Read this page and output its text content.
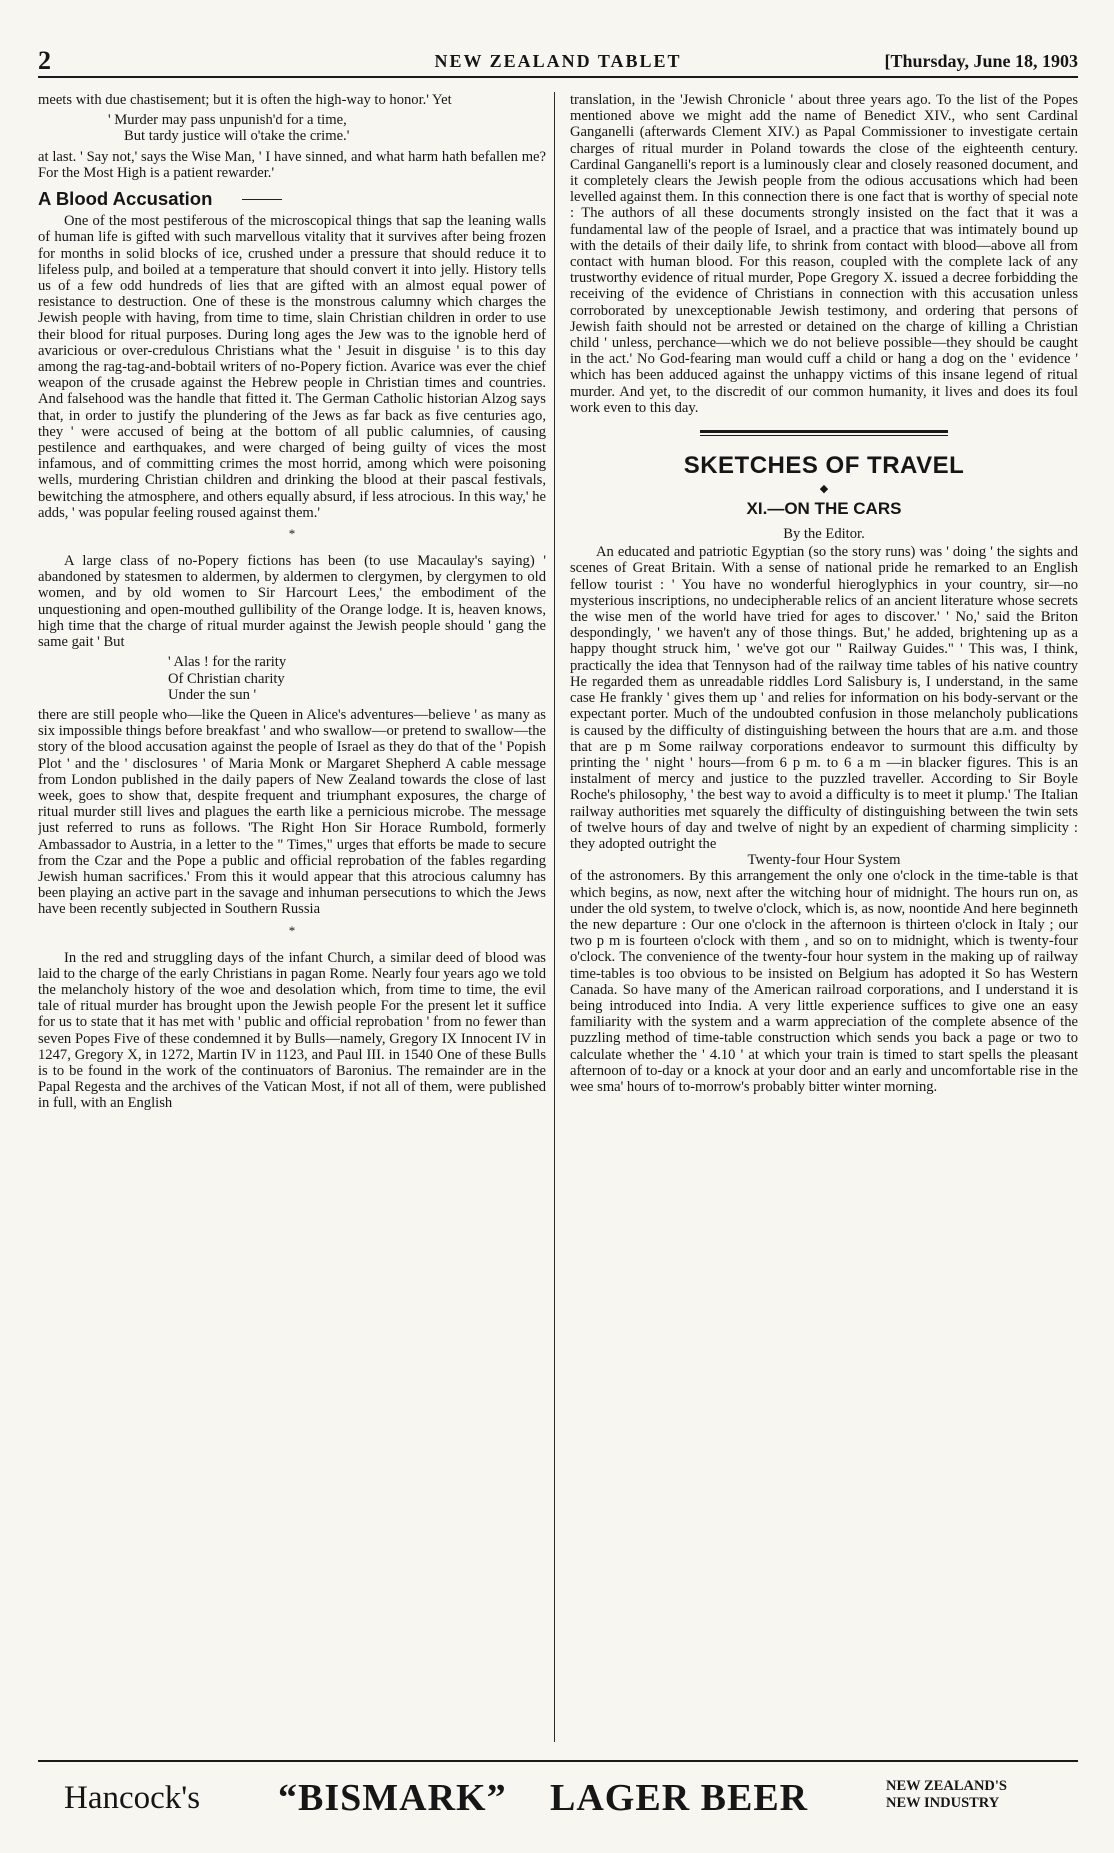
2	NEW ZEALAND TABLET	[Thursday, June 18, 1903

meets with due chastisement; but it is often the high-way to honor.' Yet

' Murder may pass unpunish'd for a time,
But tardy justice will o'take the crime.'

at last. ' Say not,' says the Wise Man, ' I have sinned, and what harm hath befallen me? For the Most High is a patient rewarder.'

A Blood Accusation

One of the most pestiferous of the microscopical things that sap the leaning walls of human life is gifted with such marvellous vitality that it survives after being frozen for months in solid blocks of ice, crushed under a pressure that should reduce it to lifeless pulp, and boiled at a temperature that should convert it into jelly. History tells us of a few odd hundreds of lies that are gifted with an almost equal power of resistance to destruction. One of these is the monstrous calumny which charges the Jewish people with having, from time to time, slain Christian children in order to use their blood for ritual purposes. During long ages the Jew was to the ignoble herd of avaricious or over-credulous Christians what the ' Jesuit in disguise ' is to this day among the rag-tag-and-bobtail writers of no-Popery fiction. Avarice was ever the chief weapon of the crusade against the Hebrew people in Christian times and countries. And falsehood was the handle that fitted it. The German Catholic historian Alzog says that, in order to justify the plundering of the Jews as far back as five centuries ago, they ' were accused of being at the bottom of all public calumnies, of causing pestilence and earthquakes, and were charged of being guilty of vices the most infamous, and of committing crimes the most horrid, among which were poisoning wells, murdering Christian children and drinking the blood at their pascal festivals, bewitching the atmosphere, and others equally absurd, if less atrocious. In this way,' he adds, ' was popular feeling roused against them.'

*

A large class of no-Popery fictions has been (to use Macaulay's saying) ' abandoned by statesmen to aldermen, by aldermen to clergymen, by clergymen to old women, and by old women to Sir Harcourt Lees,' the embodiment of the unquestioning and open-mouthed gullibility of the Orange lodge. It is, heaven knows, high time that the charge of ritual murder against the Jewish people should ' gang the same gait ' But

' Alas ! for the rarity
Of Christian charity
Under the sun '

there are still people who—like the Queen in Alice's adventures—believe ' as many as six impossible things before breakfast ' and who swallow—or pretend to swallow—the story of the blood accusation against the people of Israel as they do that of the ' Popish Plot ' and the ' disclosures ' of Maria Monk or Margaret Shepherd A cable message from London published in the daily papers of New Zealand towards the close of last week, goes to show that, despite frequent and triumphant exposures, the charge of ritual murder still lives and plagues the earth like a pernicious microbe. The message just referred to runs as follows. 'The Right Hon Sir Horace Rumbold, formerly Ambassador to Austria, in a letter to the " Times," urges that efforts be made to secure from the Czar and the Pope a public and official reprobation of the fables regarding Jewish human sacrifices.' From this it would appear that this atrocious calumny has been playing an active part in the savage and inhuman persecutions to which the Jews have been recently subjected in Southern Russia

*

In the red and struggling days of the infant Church, a similar deed of blood was laid to the charge of the early Christians in pagan Rome. Nearly four years ago we told the melancholy history of the woe and desolation which, from time to time, the evil tale of ritual murder has brought upon the Jewish people For the present let it suffice for us to state that it has met with ' public and official reprobation ' from no fewer than seven Popes Five of these condemned it by Bulls—namely, Gregory IX Innocent IV in 1247, Gregory X, in 1272, Martin IV in 1123, and Paul III. in 1540 One of these Bulls is to be found in the work of the continuators of Baronius. The remainder are in the Papal Regesta and the archives of the Vatican Most, if not all of them, were published in full, with an English

translation, in the 'Jewish Chronicle ' about three years ago. To the list of the Popes mentioned above we might add the name of Benedict XIV., who sent Cardinal Ganganelli (afterwards Clement XIV.) as Papal Commissioner to investigate certain charges of ritual murder in Poland towards the close of the eighteenth century. Cardinal Ganganelli's report is a luminously clear and closely reasoned document, and it completely clears the Jewish people from the odious accusations which had been levelled against them. In this connection there is one fact that is worthy of special note : The authors of all these documents strongly insisted on the fact that it was a fundamental law of the people of Israel, and a practice that was intimately bound up with the details of their daily life, to shrink from contact with blood—above all from contact with human blood. For this reason, coupled with the complete lack of any trustworthy evidence of ritual murder, Pope Gregory X. issued a decree forbidding the receiving of the evidence of Christians in connection with this accusation unless corroborated by unexceptionable Jewish testimony, and ordering that persons of Jewish faith should not be arrested or detained on the charge of killing a Christian child ' unless, perchance—which we do not believe possible—they should be caught in the act.' No God-fearing man would cuff a child or hang a dog on the ' evidence ' which has been adduced against the unhappy victims of this insane legend of ritual murder. And yet, to the discredit of our common humanity, it lives and does its foul work even to this day.

SKETCHES OF TRAVEL
◆
XI.—ON THE CARS
By the Editor.

An educated and patriotic Egyptian (so the story runs) was ' doing ' the sights and scenes of Great Britain. With a sense of national pride he remarked to an English fellow tourist : ' You have no wonderful hieroglyphics in your country, sir—no mysterious inscriptions, no undecipherable relics of an ancient literature whose secrets the wise men of the world have tried for ages to discover.' ' No,' said the Briton despondingly, ' we haven't any of those things. But,' he added, brightening up as a happy thought struck him, ' we've got our " Railway Guides." ' This was, I think, practically the idea that Tennyson had of the railway time tables of his native country He regarded them as unreadable riddles Lord Salisbury is, I understand, in the same case He frankly ' gives them up ' and relies for information on his body-servant or the expectant porter. Much of the undoubted confusion in those melancholy publications is caused by the difficulty of distinguishing between the hours that are a.m. and those that are p m Some railway corporations endeavor to surmount this difficulty by printing the ' night ' hours—from 6 p m. to 6 a m —in blacker figures. This is an instalment of mercy and justice to the puzzled traveller. According to Sir Boyle Roche's philosophy, ' the best way to avoid a difficulty is to meet it plump.' The Italian railway authorities met squarely the difficulty of distinguishing between the twin sets of twelve hours of day and twelve of night by an expedient of charming simplicity : they adopted outright the

Twenty-four Hour System

of the astronomers. By this arrangement the only one o'clock in the time-table is that which begins, as now, next after the witching hour of midnight. The hours run on, as under the old system, to twelve o'clock, which is, as now, noontide And here beginneth the new departure : Our one o'clock in the afternoon is thirteen o'clock in Italy ; our two p m is fourteen o'clock with them , and so on to midnight, which is twenty-four o'clock. The convenience of the twenty-four hour system in the making up of railway time-tables is too obvious to be insisted on Belgium has adopted it So has Western Canada. So have many of the American railroad corporations, and I understand it is being introduced into India. A very little experience suffices to give one an easy familiarity with the system and a warm appreciation of the complete absence of the puzzling method of time-table construction which sends you back a page or two to calculate whether the ' 4.10 ' at which your train is timed to start spells the pleasant afternoon of to-day or a knock at your door and an early and uncomfortable rise in the wee sma' hours of to-morrow's probably bitter winter morning.

Hancock's “BISMARK” LAGER BEER	NEW ZEALAND'S
NEW INDUSTRY
